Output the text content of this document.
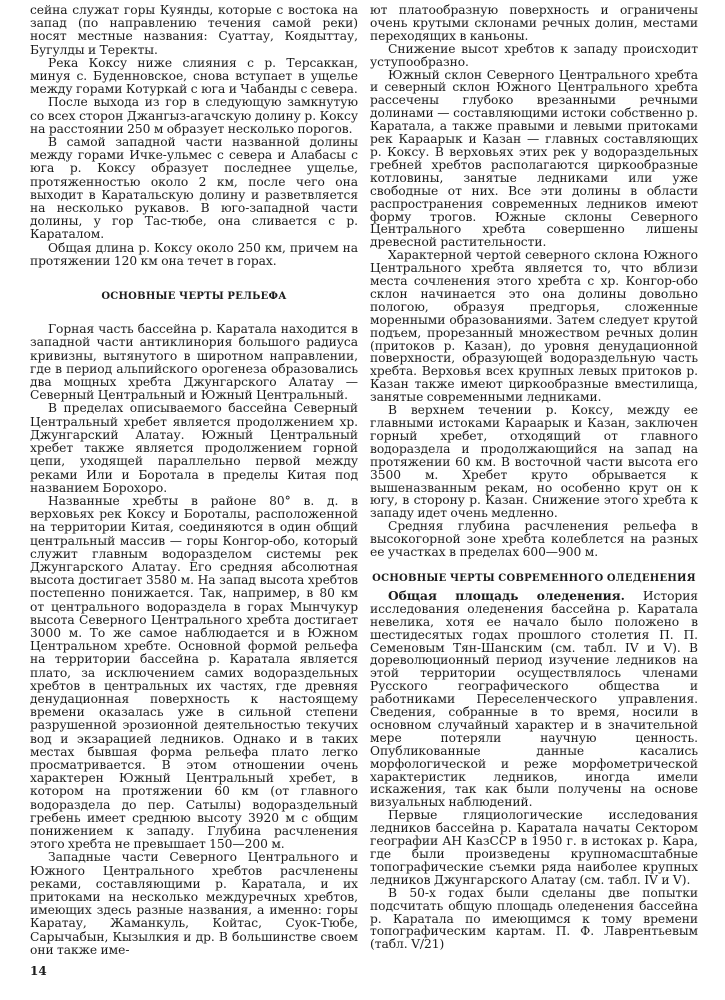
сейна служат горы Куянды, которые с востока на запад (по направлению течения самой реки) носят местные названия: Суаттау, Коядыттау, Бугулды и Теректы.

Река Коксу ниже слияния с р. Терсаккан, минуя с. Буденновское, снова вступает в ущелье между горами Котуркай с юга и Чабанды с севера.

После выхода из гор в следующую замкнутую со всех сторон Джангыз-агачскую долину р. Коксу на расстоянии 250 м образует несколько порогов.

В самой западной части названной долины между горами Ичке-ульмес с севера и Алабасы с юга р. Коксу образует последнее ущелье, протяженностью около 2 км, после чего она выходит в Каратальскую долину и разветвляется на несколько рукавов. В юго-западной части долины, у гор Тас-тюбе, она сливается с р. Караталом.

Общая длина р. Коксу около 250 км, причем на протяжении 120 км она течет в горах.

ОСНОВНЫЕ ЧЕРТЫ РЕЛЬЕФА

Горная часть бассейна р. Каратала находится в западной части антиклинория большого радиуса кривизны, вытянутого в широтном направлении, где в период альпийского орогенеза образовались два мощных хребта Джунгарского Алатау — Северный Центральный и Южный Центральный.

В пределах описываемого бассейна Северный Центральный хребет является продолжением хр. Джунгарский Алатау. Южный Центральный хребет также является продолжением горной цепи, уходящей параллельно первой между реками Или и Боротала в пределы Китая под названием Борохоро.

Названные хребты в районе 80° в. д. в верховьях рек Коксу и Бороталы, расположенной на территории Китая, соединяются в один общий центральный массив — горы Конгор-обо, который служит главным водоразделом системы рек Джунгарского Алатау. Его средняя абсолютная высота достигает 3580 м. На запад высота хребтов постепенно понижается. Так, например, в 80 км от центрального водораздела в горах Мынчукур высота Северного Центрального хребта достигает 3000 м. То же самое наблюдается и в Южном Центральном хребте. Основной формой рельефа на территории бассейна р. Каратала является плато, за исключением самих водораздельных хребтов в центральных их частях, где древняя денудационная поверхность к настоящему времени оказалась уже в сильной степени разрушенной эрозионной деятельностью текучих вод и экзарацией ледников. Однако и в таких местах бывшая форма рельефа плато легко просматривается. В этом отношении очень характерен Южный Центральный хребет, в котором на протяжении 60 км (от главного водораздела до пер. Сатылы) водораздельный гребень имеет среднюю высоту 3920 м с общим понижением к западу. Глубина расчленения этого хребта не превышает 150—200 м.

Западные части Северного Центрального и Южного Центрального хребтов расчленены реками, составляющими р. Каратала, и их притоками на несколько междуречных хребтов, имеющих здесь разные названия, а именно: горы Каратау, Жаманкуль, Койтас, Суок-Тюбе, Сарычабын, Кызылкия и др. В большинстве своем они также име-

ют платообразную поверхность и ограничены очень крутыми склонами речных долин, местами переходящих в каньоны.

Снижение высот хребтов к западу происходит уступообразно.

Южный склон Северного Центрального хребта и северный склон Южного Центрального хребта рассечены глубоко врезанными речными долинами — составляющими истоки собственно р. Каратала, а также правыми и левыми притоками рек Караарык и Казан — главных составляющих р. Коксу. В верховьях этих рек у водораздельных гребней хребтов располагаются циркообразные котловины, занятые ледниками или уже свободные от них. Все эти долины в области распространения современных ледников имеют форму трогов. Южные склоны Северного Центрального хребта совершенно лишены древесной растительности.

Характерной чертой северного склона Южного Центрального хребта является то, что вблизи места сочленения этого хребта с хр. Конгор-обо склон начинается это она долины довольно пологою, образуя предгорья, сложенные моренными образованиями. Затем следует крутой подъем, прорезанный множеством речных долин (притоков р. Казан), до уровня денудационной поверхности, образующей водораздельную часть хребта. Верховья всех крупных левых притоков р. Казан также имеют циркообразные вместилища, занятые современными ледниками.

В верхнем течении р. Коксу, между ее главными истоками Караарык и Казан, заключен горный хребет, отходящий от главного водораздела и продолжающийся на запад на протяжении 60 км. В восточной части высота его 3500 м. Хребет круто обрывается к вышеназванным рекам, но особенно крут он к югу, в сторону р. Казан. Снижение этого хребта к западу идет очень медленно.

Средняя глубина расчленения рельефа в высокогорной зоне хребта колеблется на разных ее участках в пределах 600—900 м.

ОСНОВНЫЕ ЧЕРТЫ СОВРЕМЕННОГО ОЛЕДЕНЕНИЯ

Общая площадь оледенения. История исследования оледенения бассейна р. Каратала невелика, хотя ее начало было положено в шестидесятых годах прошлого столетия П. П. Семеновым Тян-Шанским (см. табл. IV и V). В дореволюционный период изучение ледников на этой территории осуществлялось членами Русского географического общества и работниками Переселенческого управления. Сведения, собранные в то время, носили в основном случайный характер и в значительной мере потеряли научную ценность. Опубликованные данные касались морфологической и реже морфометрической характеристик ледников, иногда имели искажения, так как были получены на основе визуальных наблюдений.

Первые гляциологические исследования ледников бассейна р. Каратала начаты Сектором географии АН КазССР в 1950 г. в истоках р. Кара, где были произведены крупномасштабные топографические съемки ряда наиболее крупных ледников Джунгарского Алатау (см. табл. IV и V).

В 50-х годах были сделаны две попытки подсчитать общую площадь оледенения бассейна р. Каратала по имеющимся к тому времени топографическим картам. П. Ф. Лаврентьевым (табл. V/21)

14
